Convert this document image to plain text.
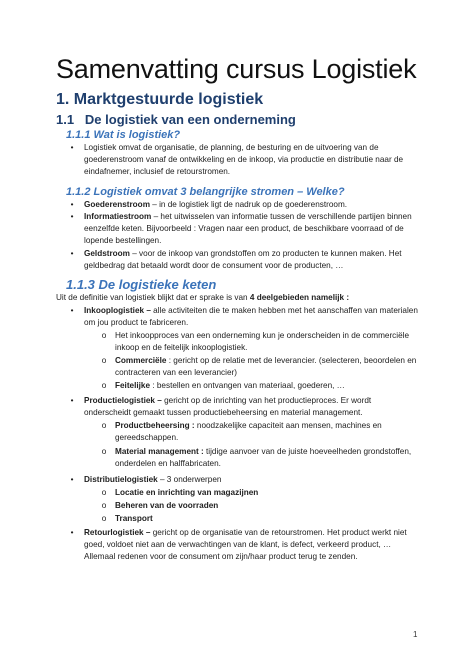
Samenvatting cursus Logistiek
1. Marktgestuurde logistiek
1.1 De logistiek van een onderneming
1.1.1 Wat is logistiek?
•	Logistiek omvat de organisatie, de planning, de besturing en de uitvoering van de goederenstroom vanaf de ontwikkeling en de inkoop, via productie en distributie naar de eindafnemer, inclusief de retourstromen.
1.1.2 Logistiek omvat 3 belangrijke stromen – Welke?
•	Goederenstroom – in de logistiek ligt de nadruk op de goederenstroom.
•	Informatiestroom – het uitwisselen van informatie tussen de verschillende partijen binnen eenzelfde keten. Bijvoorbeeld : Vragen naar een product, de beschikbare voorraad of de lopende bestellingen.
•	Geldstroom – voor de inkoop van grondstoffen om zo producten te kunnen maken. Het geldbedrag dat betaald wordt door de consument voor de producten, …
1.1.3 De logistieke keten
Uit de definitie van logistiek blijkt dat er sprake is van 4 deelgebieden namelijk :
•	Inkooplogistiek – alle activiteiten die te maken hebben met het aanschaffen van materialen om jou product te fabriceren.
o	Het inkoopproces van een onderneming kun je onderscheiden in de commerciële inkoop en de feitelijk inkooplogistiek.
o	Commerciële : gericht op de relatie met de leverancier. (selecteren, beoordelen en contracteren van een leverancier)
o	Feitelijke : bestellen en ontvangen van materiaal, goederen, …
•	Productielogistiek – gericht op de inrichting van het productieproces. Er wordt onderscheidt gemaakt tussen productiebeheersing en material management.
o	Productbeheersing : noodzakelijke capaciteit aan mensen, machines en gereedschappen.
o	Material management : tijdige aanvoer van de juiste hoeveelheden grondstoffen, onderdelen en halffabricaten.
•	Distributielogistiek – 3 onderwerpen
o	Locatie en inrichting van magazijnen
o	Beheren van de voorraden
o	Transport
•	Retourlogistiek – gericht op de organisatie van de retourstromen. Het product werkt niet goed, voldoet niet aan de verwachtingen van de klant, is defect, verkeerd product, … Allemaal redenen voor de consument om zijn/haar product terug te zenden.
1
